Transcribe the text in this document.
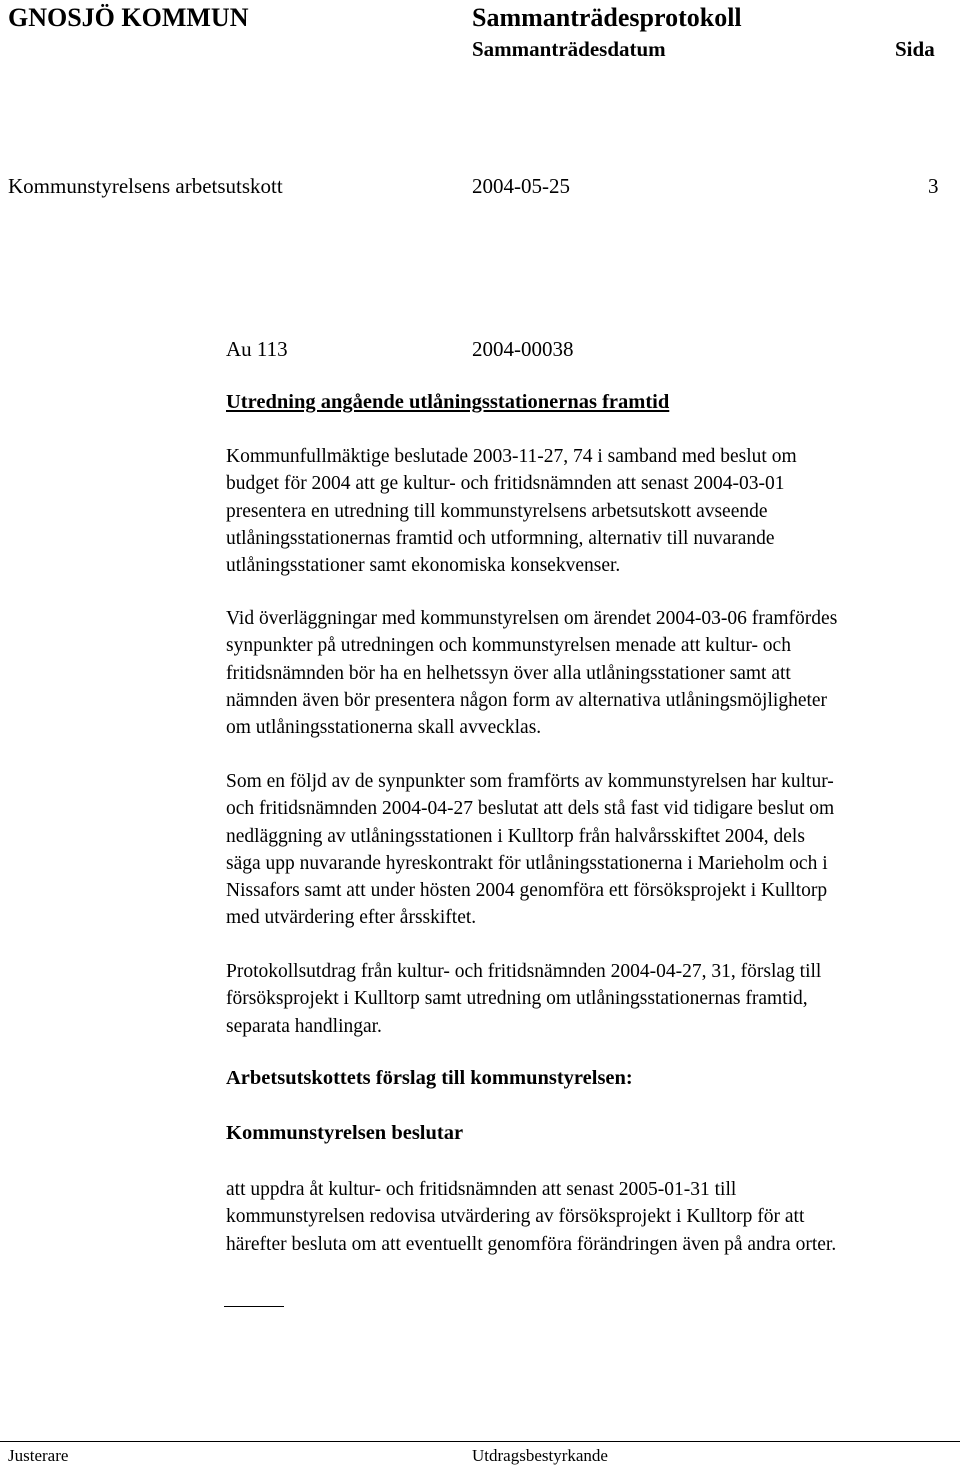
GNOSJÖ KOMMUN	Sammanträdesprotokoll
Sammanträdesdatum	Sida
Kommunstyrelsens arbetsutskott	2004-05-25	3
Au 113	2004-00038
Utredning angående utlåningsstationernas framtid
Kommunfullmäktige beslutade 2003-11-27, 74 i samband med beslut om
budget för 2004 att ge kultur- och fritidsnämnden att senast 2004-03-01
presentera en utredning till kommunstyrelsens arbetsutskott avseende
utlåningsstationernas framtid och utformning, alternativ till nuvarande
utlåningsstationer samt ekonomiska konsekvenser.
Vid överläggningar med kommunstyrelsen om ärendet 2004-03-06 framfördes
synpunkter på utredningen och kommunstyrelsen menade att kultur- och
fritidsnämnden bör ha en helhetssyn över alla utlåningsstationer samt att
nämnden även bör presentera någon form av alternativa utlåningsmöjligheter
om utlåningsstationerna skall avvecklas.
Som en följd av de synpunkter som framförts av kommunstyrelsen har kultur-
och fritidsnämnden 2004-04-27 beslutat att dels stå fast vid tidigare beslut om
nedläggning av utlåningsstationen i Kulltorp från halvårsskiftet 2004, dels
säga upp nuvarande hyreskontrakt för utlåningsstationerna i Marieholm och i
Nissafors samt att under hösten 2004 genomföra ett försöksprojekt i Kulltorp
med utvärdering efter årsskiftet.
Protokollsutdrag från kultur- och fritidsnämnden 2004-04-27, 31, förslag till
försöksprojekt i Kulltorp samt utredning om utlåningsstationernas framtid,
separata handlingar.
Arbetsutskottets förslag till kommunstyrelsen:
Kommunstyrelsen beslutar
att uppdra åt kultur- och fritidsnämnden att senast 2005-01-31 till
kommunstyrelsen redovisa utvärdering av försöksprojekt i Kulltorp för att
härefter besluta om att eventuellt genomföra förändringen även på andra orter.
Justerare	Utdragsbestyrkande
